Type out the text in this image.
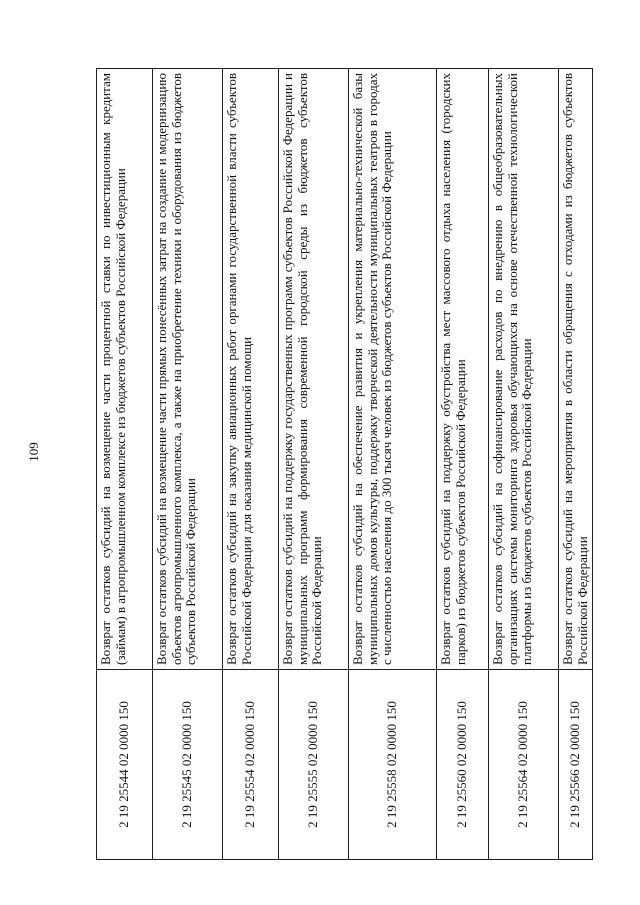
109
2 19 25544 02 0000 150	Возврат остатков субсидий на возмещение части процентной ставки по инвестиционным кредитам (займам) в агропромышленном комплексе из бюджетов субъектов Российской Федерации
2 19 25545 02 0000 150	Возврат остатков субсидий на возмещение части прямых понесённых затрат на создание и модернизацию объектов агропромышленного комплекса, а также на приобретение техники и оборудования из бюджетов субъектов Российской Федерации
2 19 25554 02 0000 150	Возврат остатков субсидий на закупку авиационных работ органами государственной власти субъектов Российской Федерации для оказания медицинской помощи
2 19 25555 02 0000 150	Возврат остатков субсидий на поддержку государственных программ субъектов Российской Федерации и муниципальных программ формирования современной городской среды из бюджетов субъектов Российской Федерации
2 19 25558 02 0000 150	Возврат остатков субсидий на обеспечение развития и укрепления материально-технической базы муниципальных домов культуры, поддержку творческой деятельности муниципальных театров в городах с численностью населения до 300 тысяч человек из бюджетов субъектов Российской Федерации
2 19 25560 02 0000 150	Возврат остатков субсидий на поддержку обустройства мест массового отдыха населения (городских парков) из бюджетов субъектов Российской Федерации
2 19 25564 02 0000 150	Возврат остатков субсидий на софинансирование расходов по внедрению в общеобразовательных организациях системы мониторинга здоровья обучающихся на основе отечественной технологической платформы из бюджетов субъектов Российской Федерации
2 19 25566 02 0000 150	Возврат остатков субсидий на мероприятия в области обращения с отходами из бюджетов субъектов Российской Федерации
